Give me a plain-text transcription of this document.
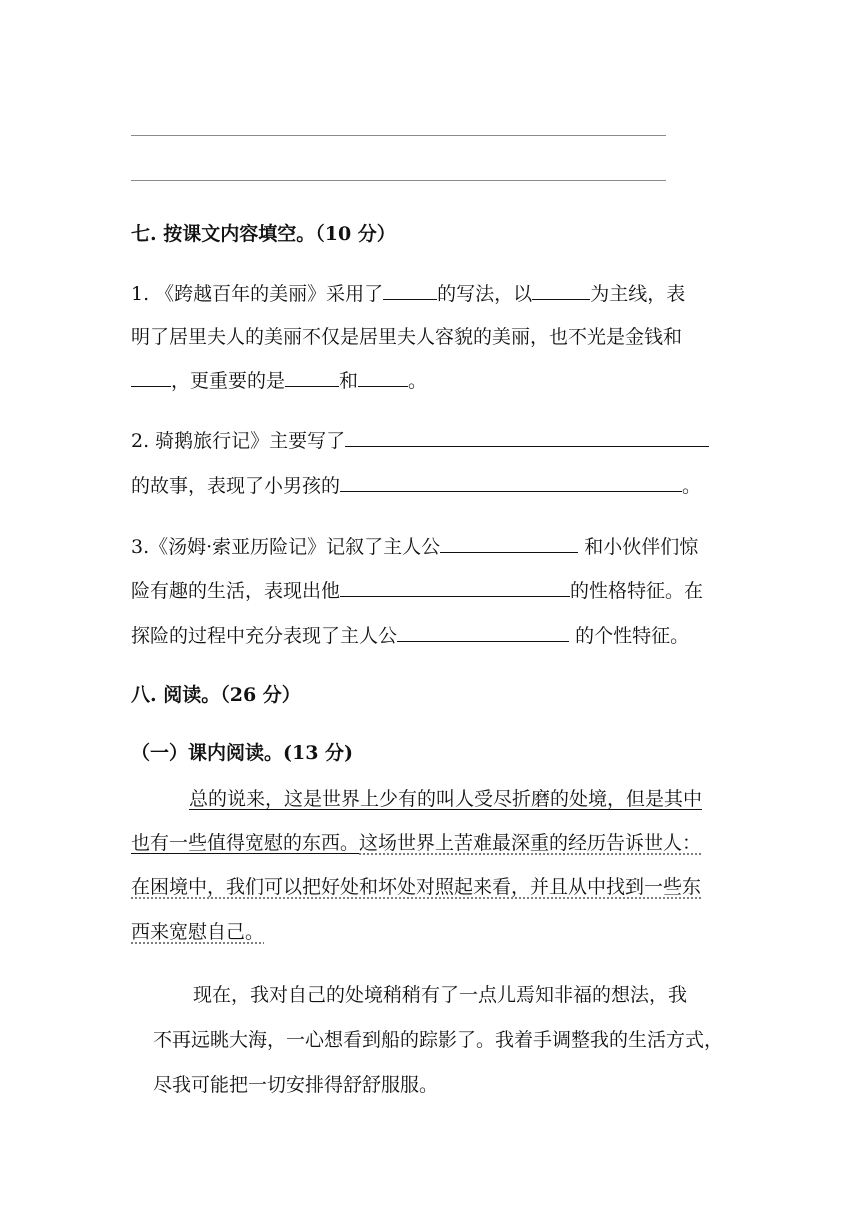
七. 按课文内容填空。（10 分）
1. 《跨越百年的美丽》采用了	的写法，以	为主线，表
明了居里夫人的美丽不仅是居里夫人容貌的美丽，也不光是金钱和
，更重要的是	和	。
2. 骑鹅旅行记》主要写了
的故事，表现了小男孩的	。
3.《汤姆·索亚历险记》记叙了主人公	和小伙伴们惊
险有趣的生活，表现出他	的性格特征。在
探险的过程中充分表现了主人公	的个性特征。
八. 阅读。（26 分）
（一）课内阅读。(13 分)
总的说来，这是世界上少有的叫人受尽折磨的处境，但是其中
也有一些值得宽慰的东西。这场世界上苦难最深重的经历告诉世人：
在困境中，我们可以把好处和坏处对照起来看，并且从中找到一些东
西来宽慰自己。
现在，我对自己的处境稍稍有了一点儿焉知非福的想法，我
不再远眺大海，一心想看到船的踪影了。我着手调整我的生活方式，
尽我可能把一切安排得舒舒服服。
